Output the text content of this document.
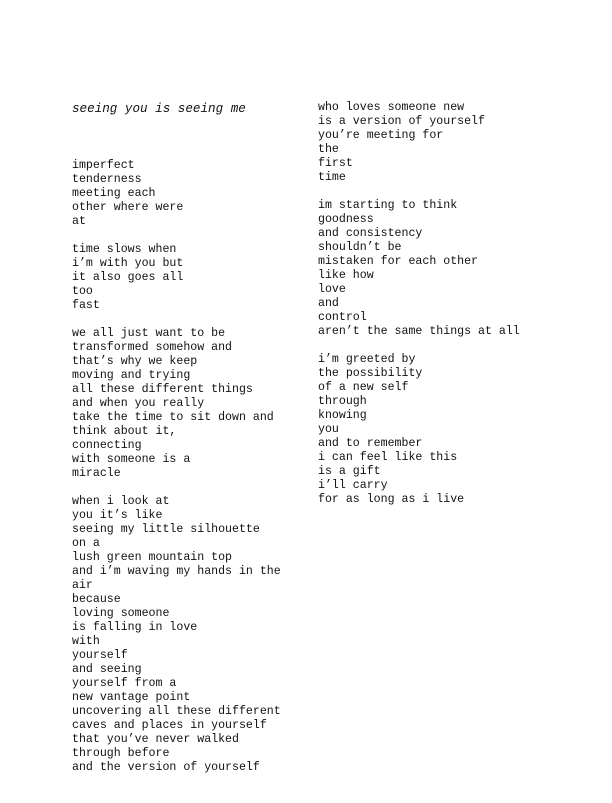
seeing you is seeing me

imperfect
tenderness
meeting each
other where were
at
time slows when
i’m with you but
it also goes all
too
fast
we all just want to be
transformed somehow and
that’s why we keep
moving and trying
all these different things
and when you really
take the time to sit down and
think about it,
connecting
with someone is a
miracle
when i look at
you it’s like
seeing my little silhouette
on a
lush green mountain top
and i’m waving my hands in the
air
because
loving someone
is falling in love
with
yourself
and seeing
yourself from a
new vantage point
uncovering all these different
caves and places in yourself
that you’ve never walked
through before
and the version of yourself

who loves someone new
is a version of yourself
you’re meeting for
the
first
time
im starting to think
goodness
and consistency
shouldn’t be
mistaken for each other
like how
love
and
control
aren’t the same things at all
i’m greeted by
the possibility
of a new self
through
knowing
you
and to remember
i can feel like this
is a gift
i’ll carry
for as long as i live
